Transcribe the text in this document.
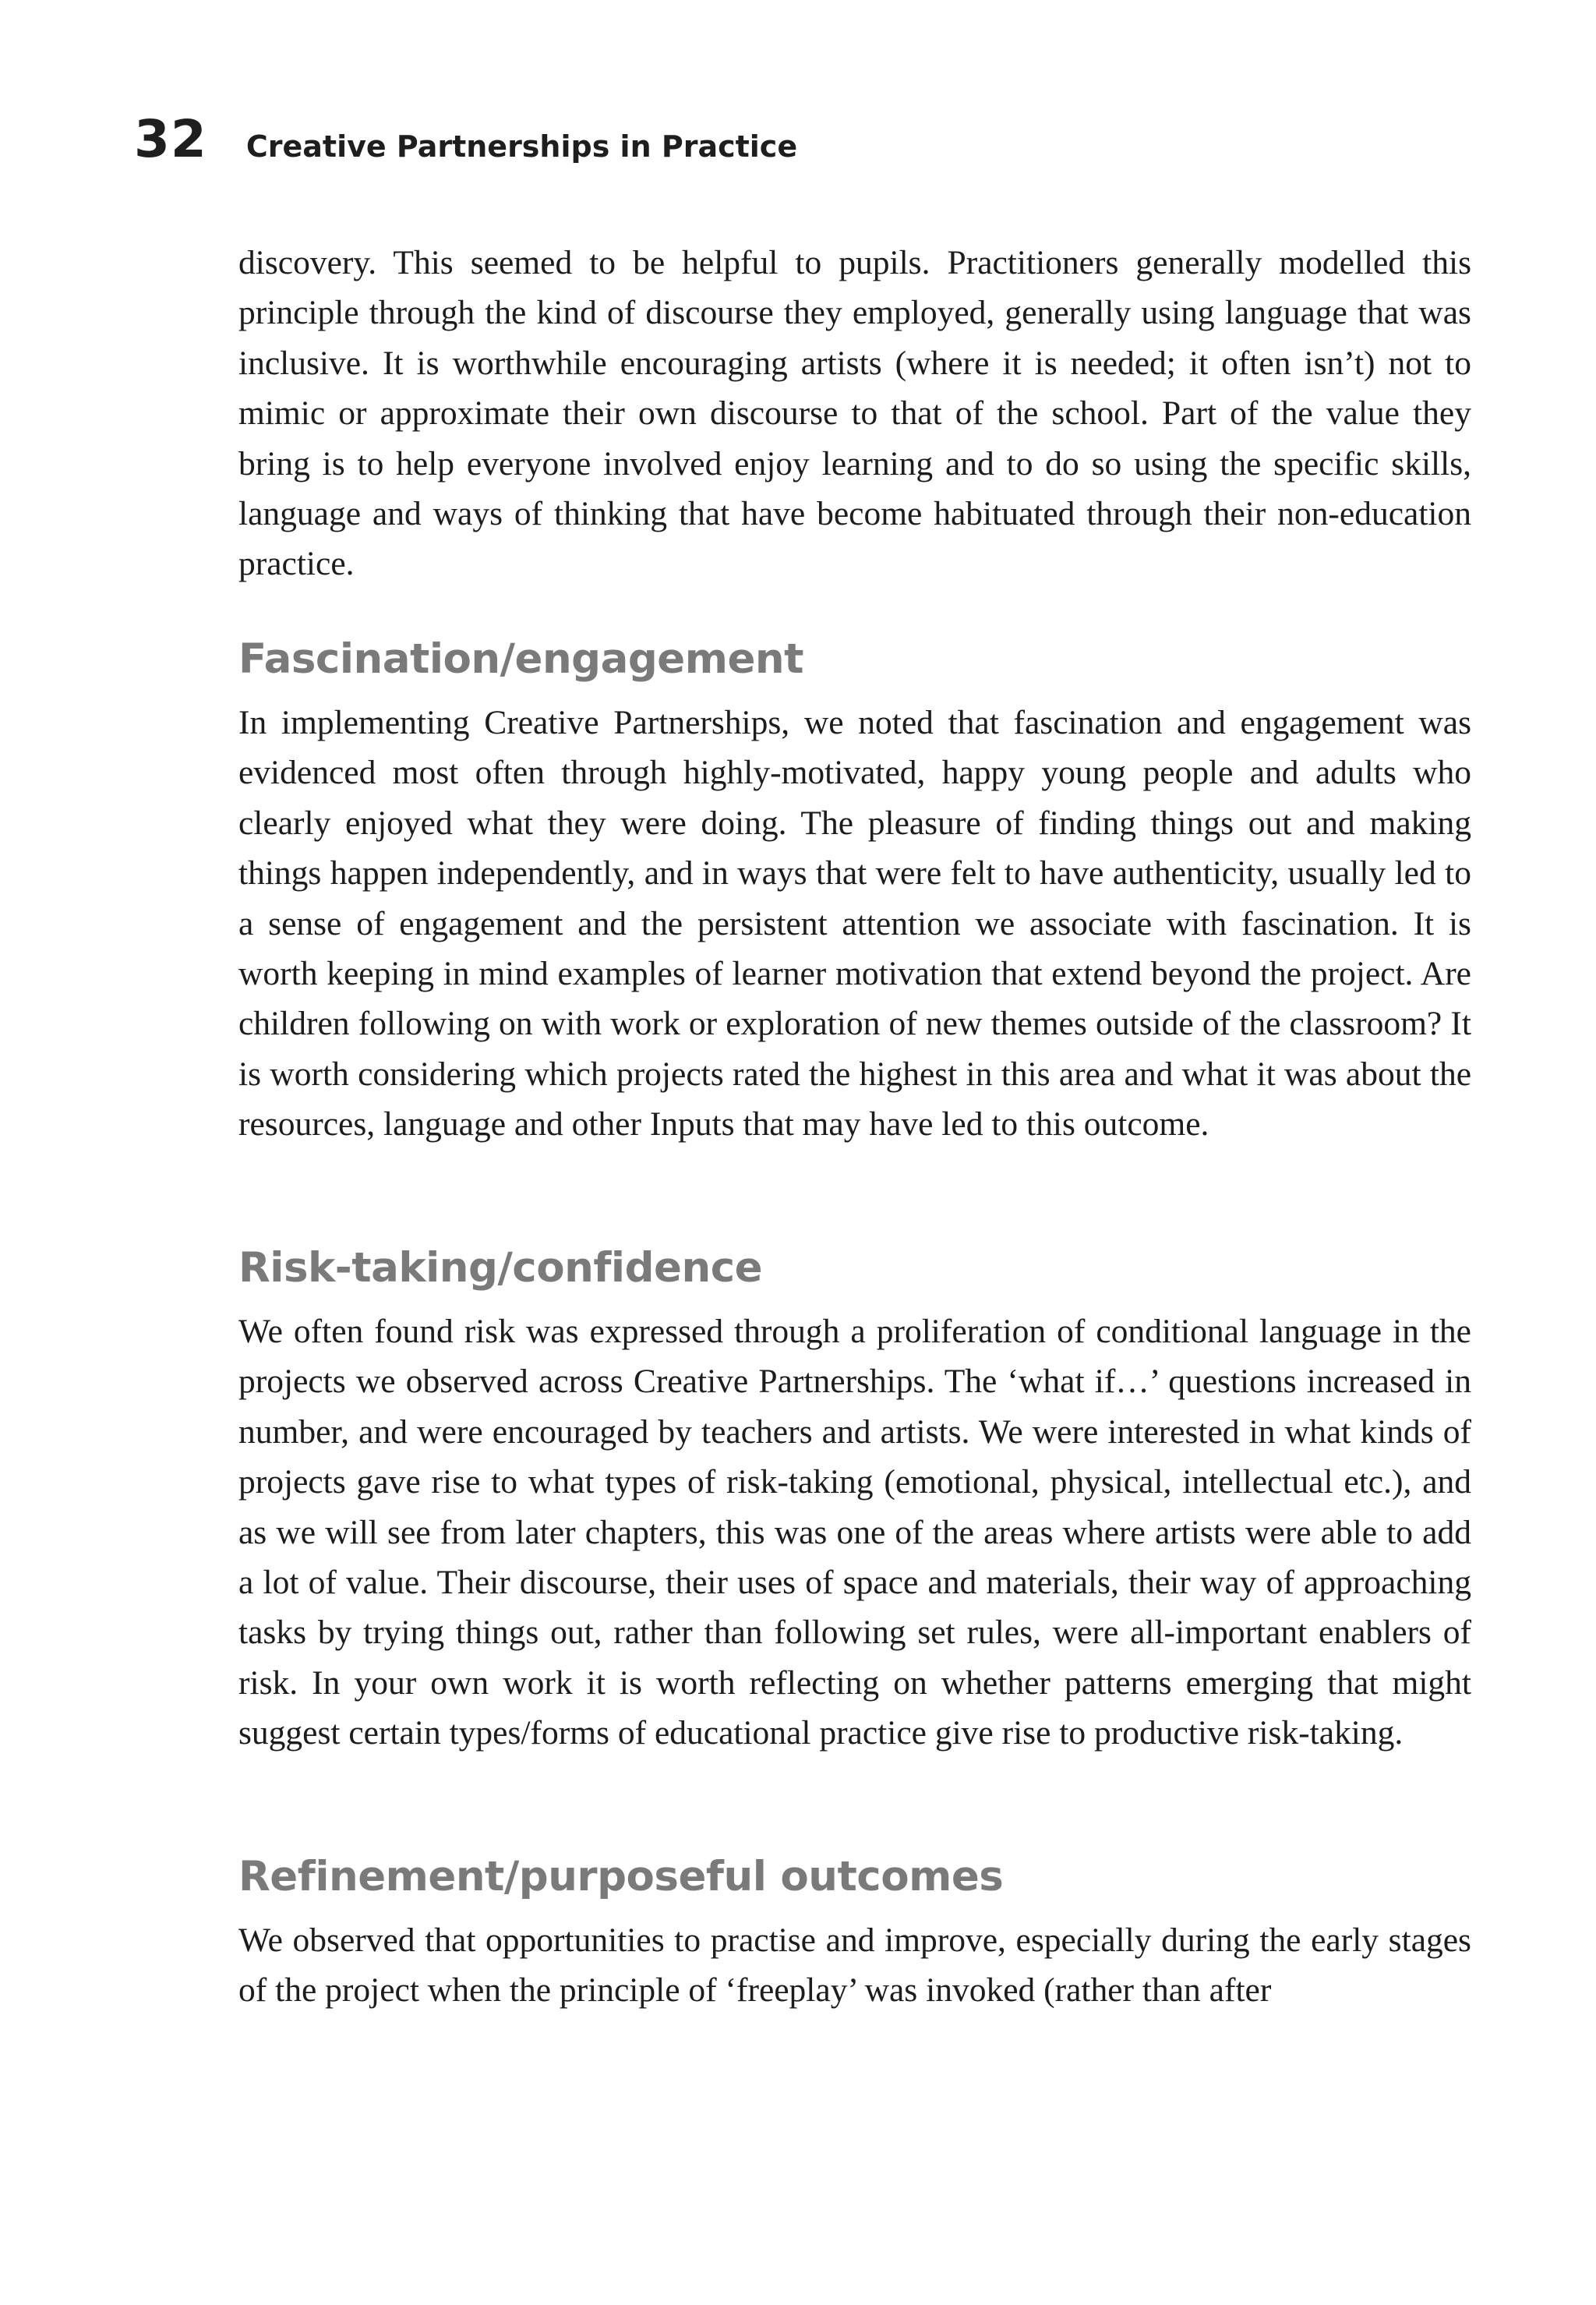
32 Creative Partnerships in Practice

discovery. This seemed to be helpful to pupils. Practitioners generally modelled this principle through the kind of discourse they employed, generally using language that was inclusive. It is worthwhile encouraging artists (where it is needed; it often isn’t) not to mimic or approximate their own discourse to that of the school. Part of the value they bring is to help everyone involved enjoy learning and to do so using the specific skills, language and ways of thinking that have become habituated through their non-education practice.

Fascination/engagement

In implementing Creative Partnerships, we noted that fascination and engagement was evidenced most often through highly-motivated, happy young people and adults who clearly enjoyed what they were doing. The pleasure of finding things out and making things happen independently, and in ways that were felt to have authenticity, usually led to a sense of engagement and the persistent attention we associate with fascination. It is worth keeping in mind examples of learner motivation that extend beyond the project. Are children following on with work or exploration of new themes outside of the classroom? It is worth considering which projects rated the highest in this area and what it was about the resources, language and other Inputs that may have led to this outcome.

Risk-taking/confidence

We often found risk was expressed through a proliferation of conditional language in the projects we observed across Creative Partnerships. The ‘what if…’ questions increased in number, and were encouraged by teachers and artists. We were interested in what kinds of projects gave rise to what types of risk-taking (emotional, physical, intellectual etc.), and as we will see from later chapters, this was one of the areas where artists were able to add a lot of value. Their discourse, their uses of space and materials, their way of approaching tasks by trying things out, rather than following set rules, were all-important enablers of risk. In your own work it is worth reflecting on whether patterns emerging that might suggest certain types/forms of educational practice give rise to productive risk-taking.

Refinement/purposeful outcomes

We observed that opportunities to practise and improve, especially during the early stages of the project when the principle of ‘freeplay’ was invoked (rather than after
